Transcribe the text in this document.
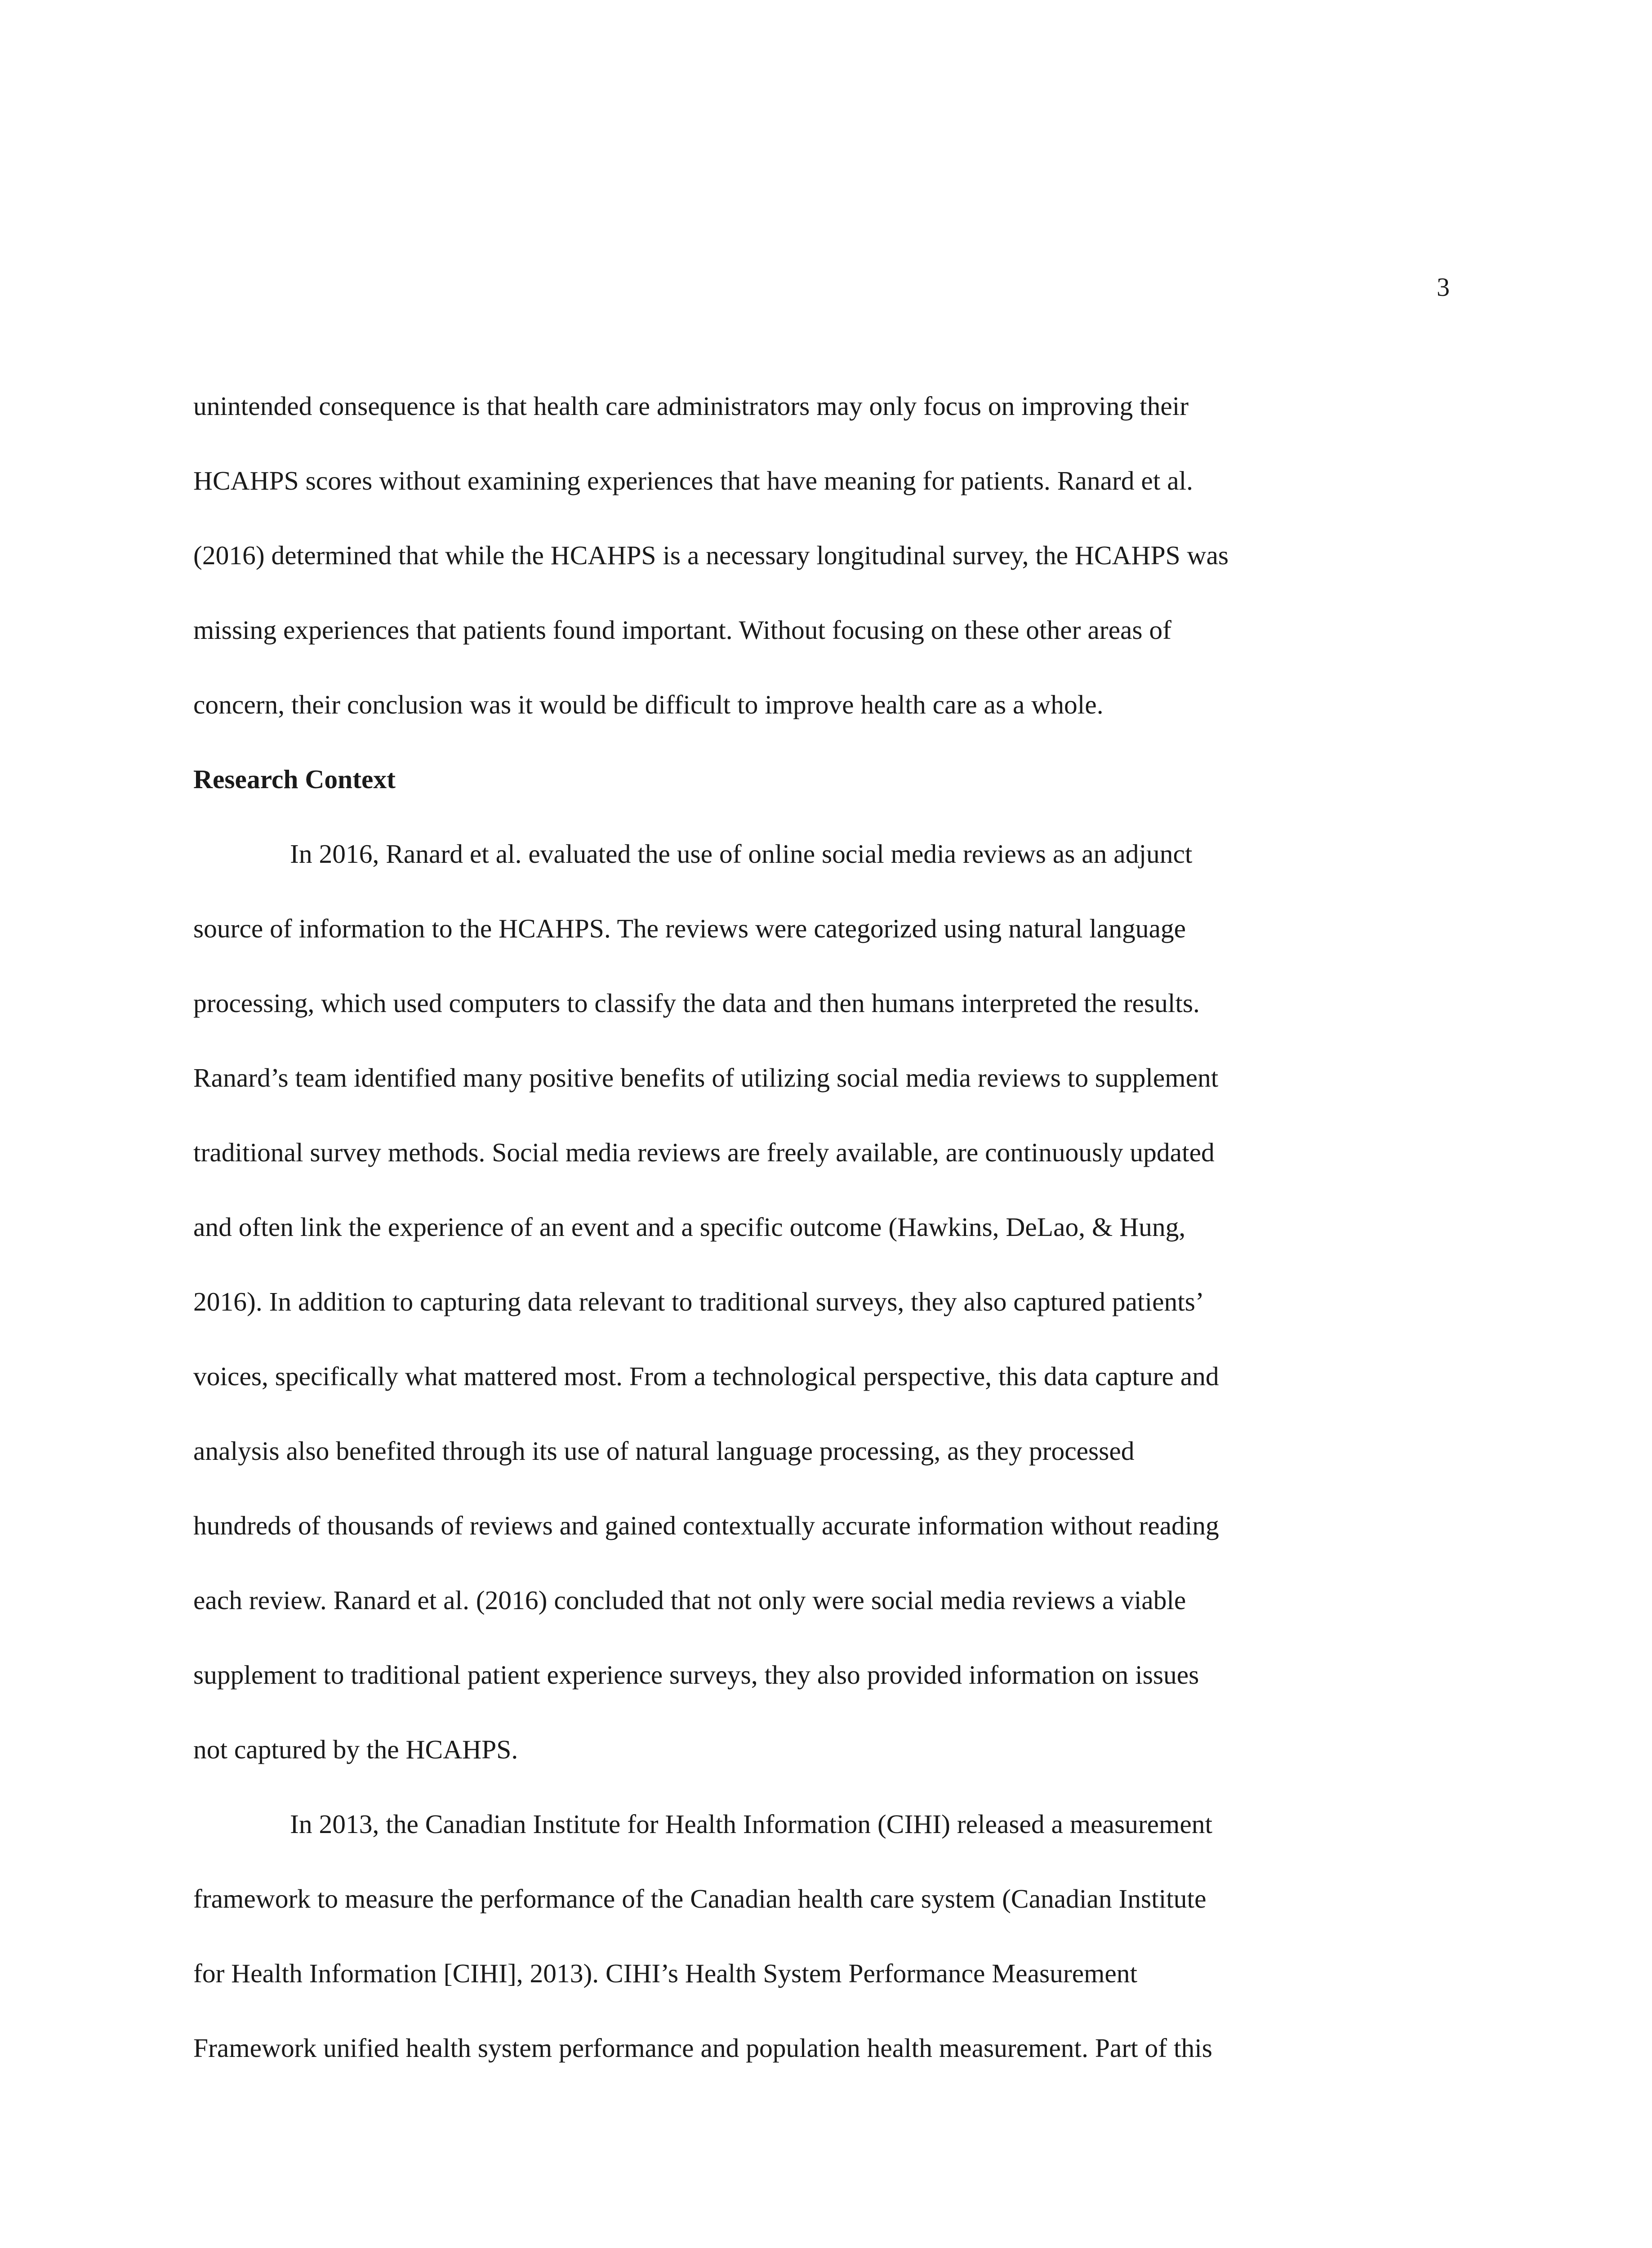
3

unintended consequence is that health care administrators may only focus on improving their
HCAHPS scores without examining experiences that have meaning for patients. Ranard et al.
(2016) determined that while the HCAHPS is a necessary longitudinal survey, the HCAHPS was
missing experiences that patients found important. Without focusing on these other areas of
concern, their conclusion was it would be difficult to improve health care as a whole.

Research Context

In 2016, Ranard et al. evaluated the use of online social media reviews as an adjunct
source of information to the HCAHPS. The reviews were categorized using natural language
processing, which used computers to classify the data and then humans interpreted the results.
Ranard’s team identified many positive benefits of utilizing social media reviews to supplement
traditional survey methods. Social media reviews are freely available, are continuously updated
and often link the experience of an event and a specific outcome (Hawkins, DeLao, & Hung,
2016). In addition to capturing data relevant to traditional surveys, they also captured patients’
voices, specifically what mattered most. From a technological perspective, this data capture and
analysis also benefited through its use of natural language processing, as they processed
hundreds of thousands of reviews and gained contextually accurate information without reading
each review. Ranard et al. (2016) concluded that not only were social media reviews a viable
supplement to traditional patient experience surveys, they also provided information on issues
not captured by the HCAHPS.

In 2013, the Canadian Institute for Health Information (CIHI) released a measurement
framework to measure the performance of the Canadian health care system (Canadian Institute
for Health Information [CIHI], 2013). CIHI’s Health System Performance Measurement
Framework unified health system performance and population health measurement. Part of this
